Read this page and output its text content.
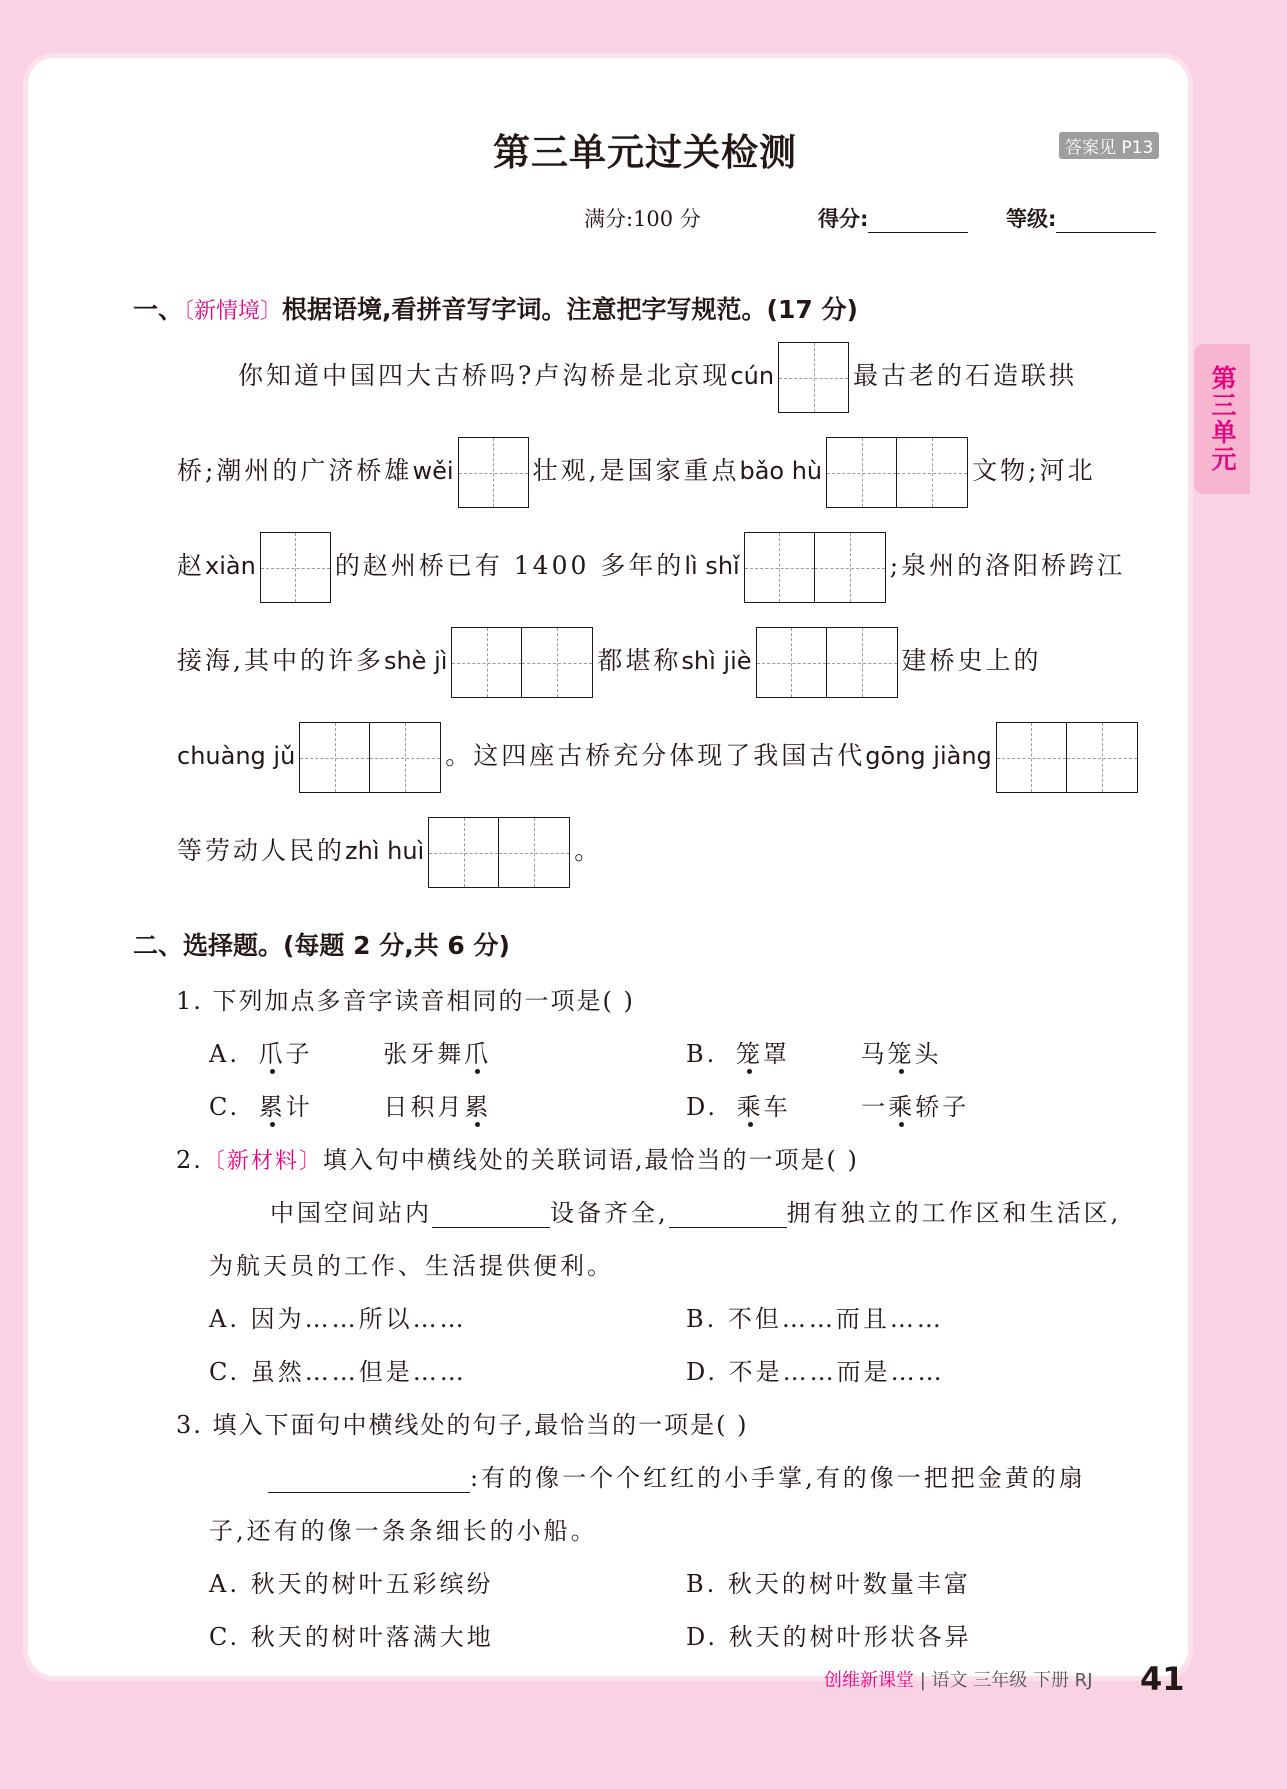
第三单元过关检测	答案见 P13
满分:100 分	得分:	等级:
第三单元
一、〔新情境〕根据语境,看拼音写字词。注意把字写规范。(17 分)
你知道中国四大古桥吗?卢沟桥是北京现cún	最古老的石造联拱
桥;潮州的广济桥雄wěi	壮观,是国家重点bǎo hù	文物;河北
赵xiàn	的赵州桥已有 1400 多年的lì shǐ	;泉州的洛阳桥跨江
接海,其中的许多shè jì	都堪称shì jiè	建桥史上的
chuàng jǔ	。这四座古桥充分体现了我国古代gōng jiàng
等劳动人民的zhì huì	。
二、选择题。(每题 2 分,共 6 分)
1. 下列加点多音字读音相同的一项是( )
A. 爪子	张牙舞爪	B. 笼罩	马笼头
C. 累计	日积月累	D. 乘车	一乘轿子
2.〔新材料〕填入句中横线处的关联词语,最恰当的一项是( )
中国空间站内	设备齐全,	拥有独立的工作区和生活区,
为航天员的工作、生活提供便利。
A. 因为……所以……	B. 不但……而且……
C. 虽然……但是……	D. 不是……而是……
3. 填入下面句中横线处的句子,最恰当的一项是( )
:有的像一个个红红的小手掌,有的像一把把金黄的扇
子,还有的像一条条细长的小船。
A. 秋天的树叶五彩缤纷	B. 秋天的树叶数量丰富
C. 秋天的树叶落满大地	D. 秋天的树叶形状各异
创维新课堂 | 语文 三年级 下册 RJ 41
